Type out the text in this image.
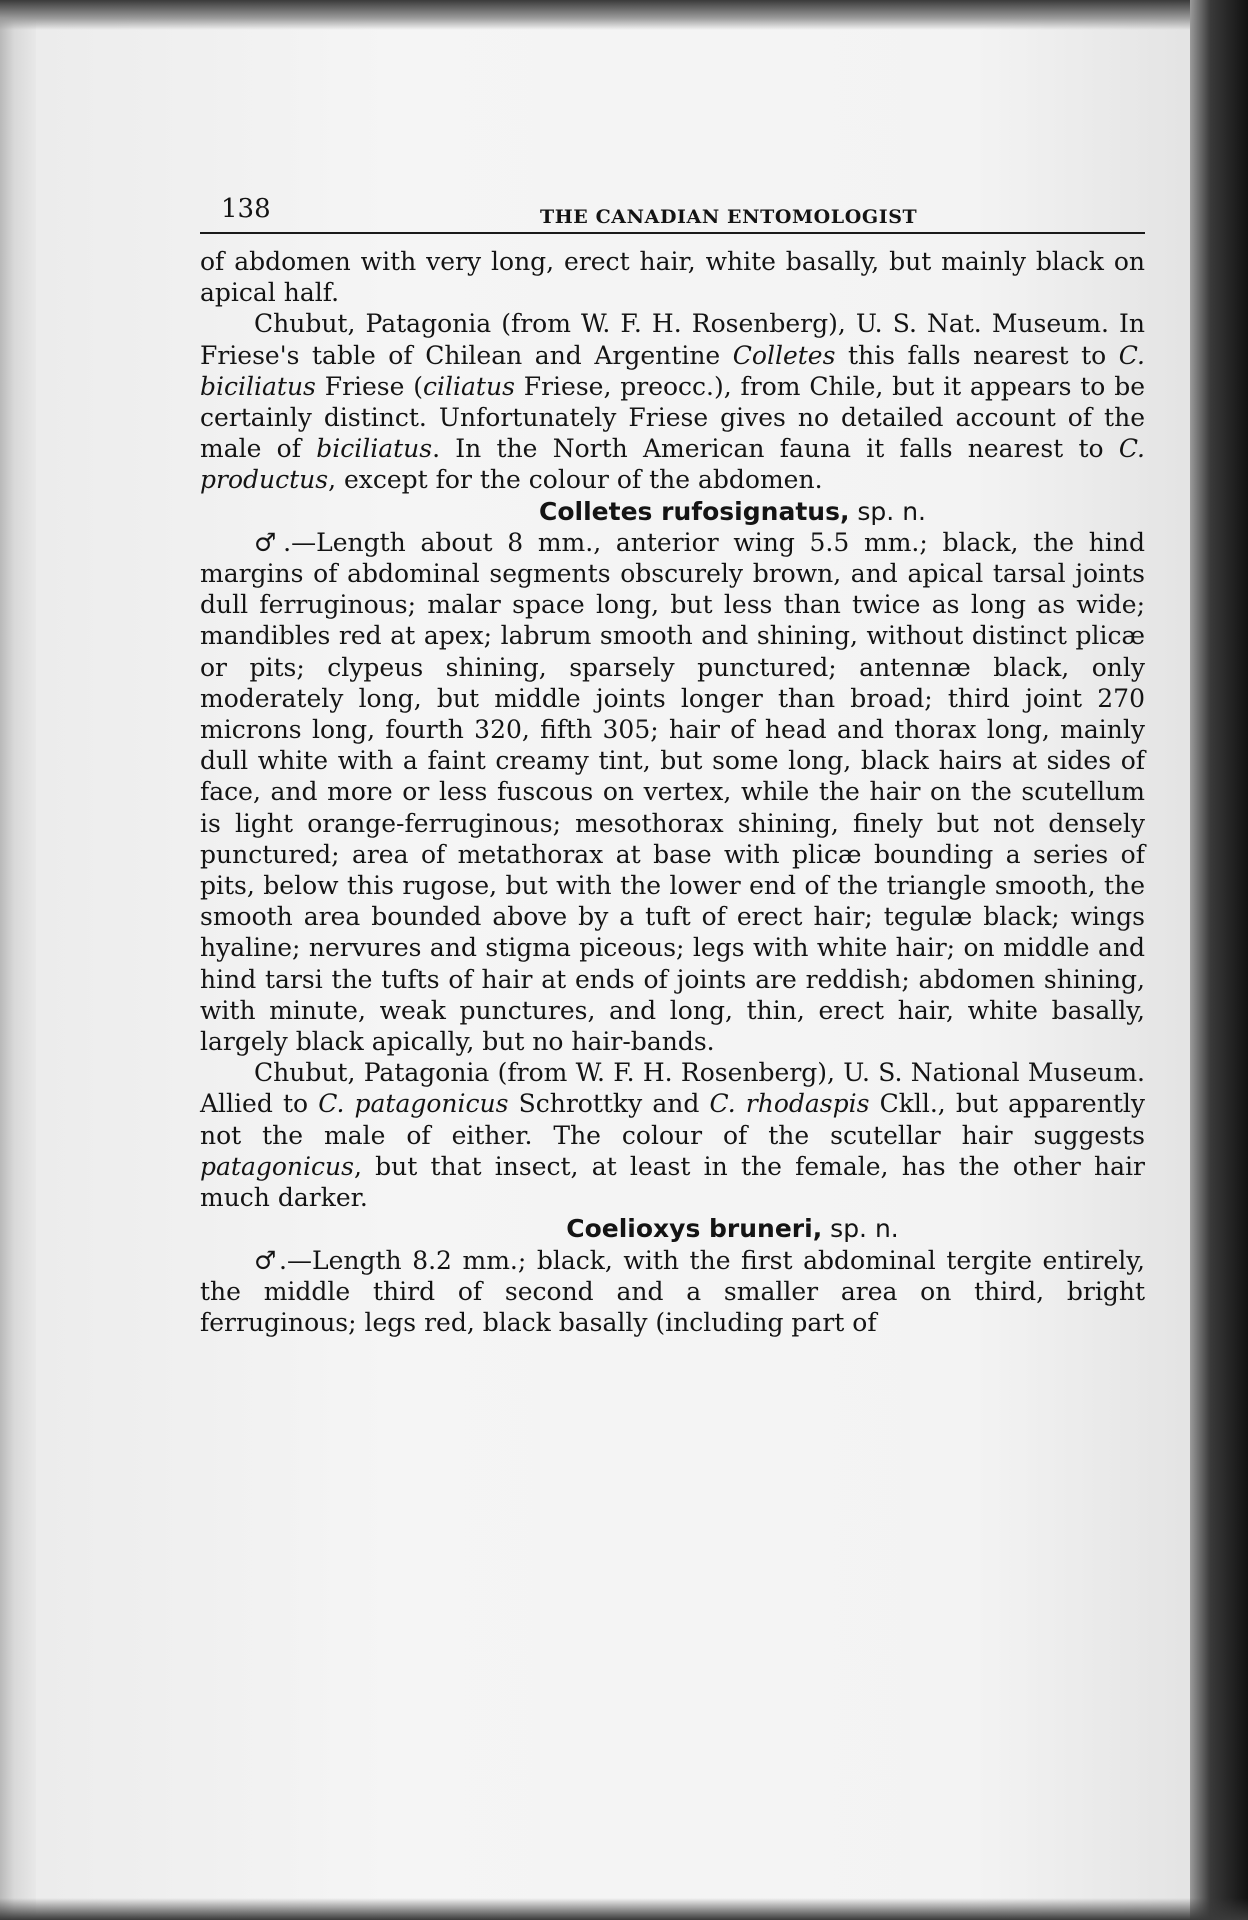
138	THE CANADIAN ENTOMOLOGIST

of abdomen with very long, erect hair, white basally, but mainly black on apical half.

Chubut, Patagonia (from W. F. H. Rosenberg), U. S. Nat. Museum. In Friese's table of Chilean and Argentine Colletes this falls nearest to C. biciliatus Friese (ciliatus Friese, preocc.), from Chile, but it appears to be certainly distinct. Unfortunately Friese gives no detailed account of the male of biciliatus. In the North American fauna it falls nearest to C. productus, except for the colour of the abdomen.

Colletes rufosignatus, sp. n.

♂.—Length about 8 mm., anterior wing 5.5 mm.; black, the hind margins of abdominal segments obscurely brown, and apical tarsal joints dull ferruginous; malar space long, but less than twice as long as wide; mandibles red at apex; labrum smooth and shining, without distinct plicæ or pits; clypeus shining, sparsely punctured; antennæ black, only moderately long, but middle joints longer than broad; third joint 270 microns long, fourth 320, fifth 305; hair of head and thorax long, mainly dull white with a faint creamy tint, but some long, black hairs at sides of face, and more or less fuscous on vertex, while the hair on the scutellum is light orange-ferruginous; mesothorax shining, finely but not densely punctured; area of metathorax at base with plicæ bounding a series of pits, below this rugose, but with the lower end of the triangle smooth, the smooth area bounded above by a tuft of erect hair; tegulæ black; wings hyaline; nervures and stigma piceous; legs with white hair; on middle and hind tarsi the tufts of hair at ends of joints are reddish; abdomen shining, with minute, weak punctures, and long, thin, erect hair, white basally, largely black apically, but no hair-bands.

Chubut, Patagonia (from W. F. H. Rosenberg), U. S. National Museum. Allied to C. patagonicus Schrottky and C. rhodaspis Ckll., but apparently not the male of either. The colour of the scutellar hair suggests patagonicus, but that insect, at least in the female, has the other hair much darker.

Coelioxys bruneri, sp. n.

♂.—Length 8.2 mm.; black, with the first abdominal tergite entirely, the middle third of second and a smaller area on third, bright ferruginous; legs red, black basally (including part of
